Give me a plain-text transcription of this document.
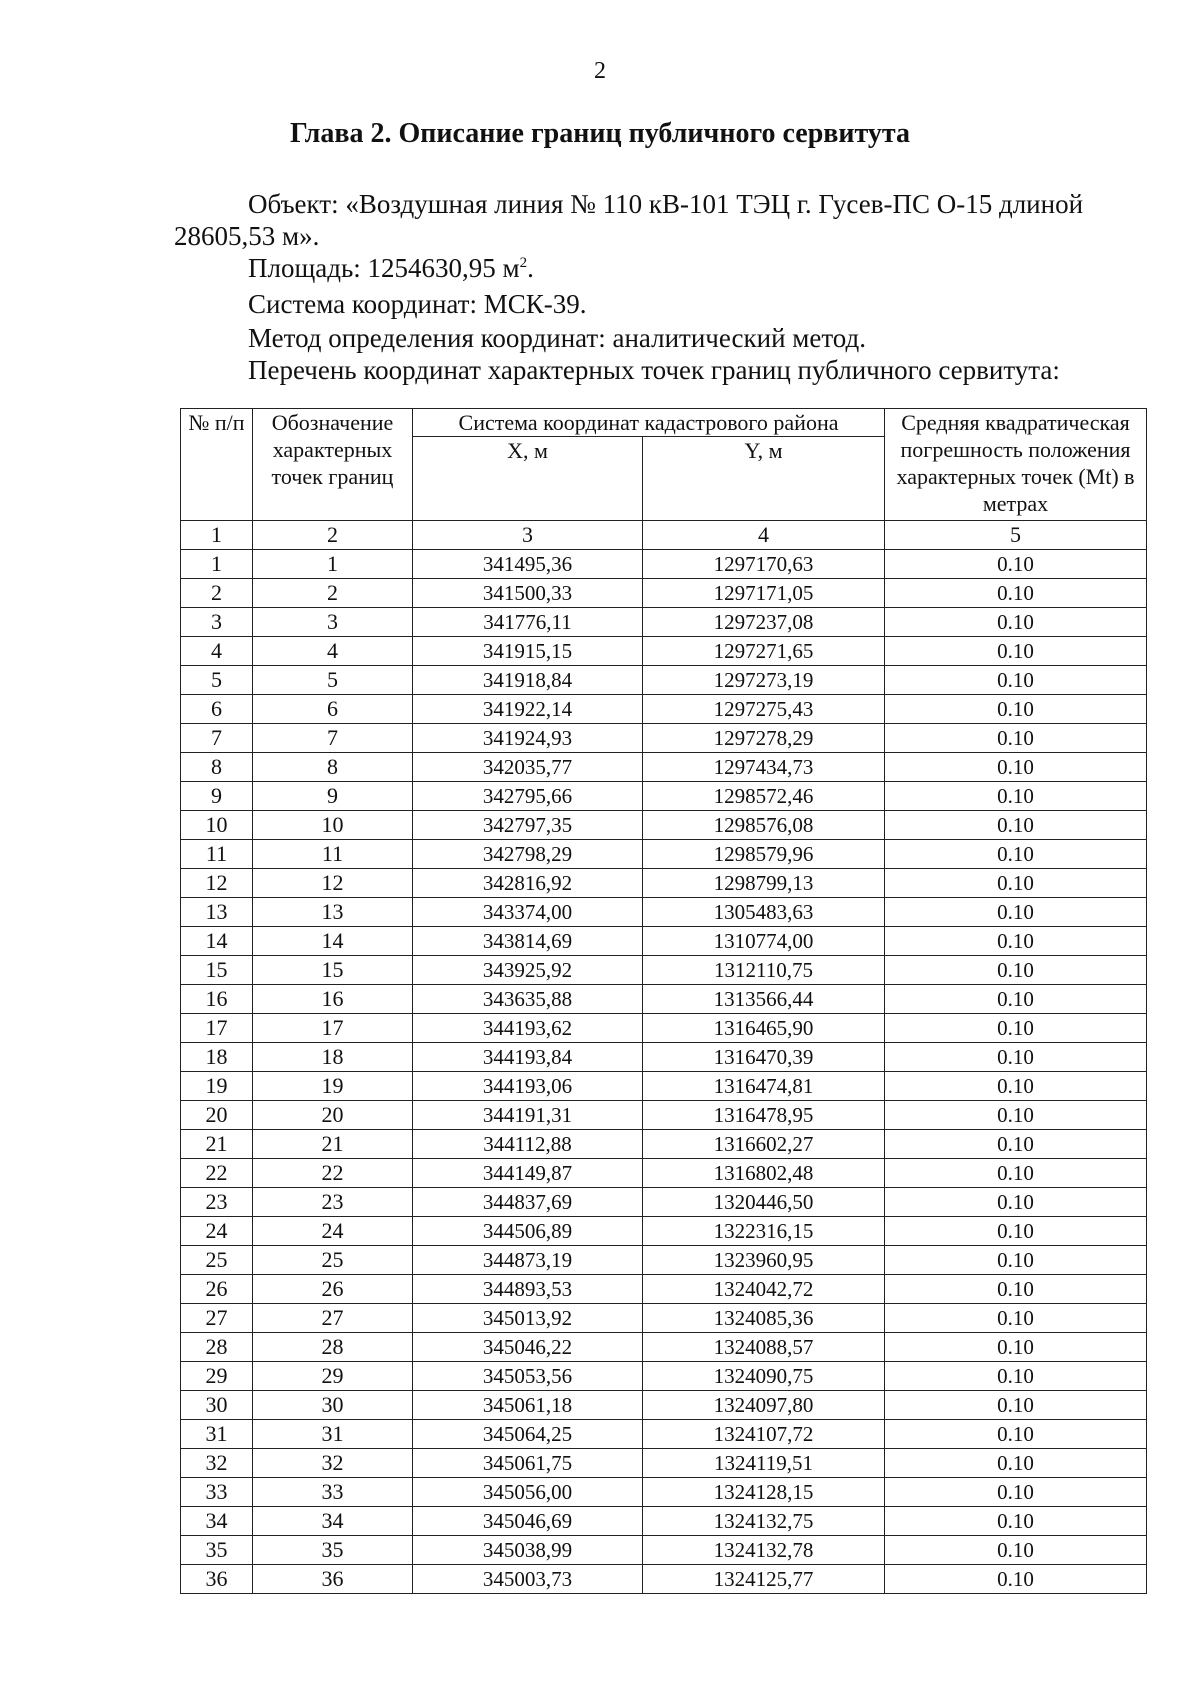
2
Глава 2. Описание границ публичного сервитута
Объект: «Воздушная линия № 110 кВ-101 ТЭЦ г. Гусев-ПС О-15 длиной
28605,53 м».
Площадь: 1254630,95 $м^2$.
Система координат: МСК-39.
Метод определения координат: аналитический метод.
Перечень координат характерных точек границ публичного сервитута:
№ п/п	Обозначение характерных точек границ	Система координат кадастрового района		Средняя квадратическая погрешность положения характерных точек (Mt) в метрах
		X, м	Y, м	
1	2	3	4	5
1	1	341495,36	1297170,63	0.10
2	2	341500,33	1297171,05	0.10
3	3	341776,11	1297237,08	0.10
4	4	341915,15	1297271,65	0.10
5	5	341918,84	1297273,19	0.10
6	6	341922,14	1297275,43	0.10
7	7	341924,93	1297278,29	0.10
8	8	342035,77	1297434,73	0.10
9	9	342795,66	1298572,46	0.10
10	10	342797,35	1298576,08	0.10
11	11	342798,29	1298579,96	0.10
12	12	342816,92	1298799,13	0.10
13	13	343374,00	1305483,63	0.10
14	14	343814,69	1310774,00	0.10
15	15	343925,92	1312110,75	0.10
16	16	343635,88	1313566,44	0.10
17	17	344193,62	1316465,90	0.10
18	18	344193,84	1316470,39	0.10
19	19	344193,06	1316474,81	0.10
20	20	344191,31	1316478,95	0.10
21	21	344112,88	1316602,27	0.10
22	22	344149,87	1316802,48	0.10
23	23	344837,69	1320446,50	0.10
24	24	344506,89	1322316,15	0.10
25	25	344873,19	1323960,95	0.10
26	26	344893,53	1324042,72	0.10
27	27	345013,92	1324085,36	0.10
28	28	345046,22	1324088,57	0.10
29	29	345053,56	1324090,75	0.10
30	30	345061,18	1324097,80	0.10
31	31	345064,25	1324107,72	0.10
32	32	345061,75	1324119,51	0.10
33	33	345056,00	1324128,15	0.10
34	34	345046,69	1324132,75	0.10
35	35	345038,99	1324132,78	0.10
36	36	345003,73	1324125,77	0.10
